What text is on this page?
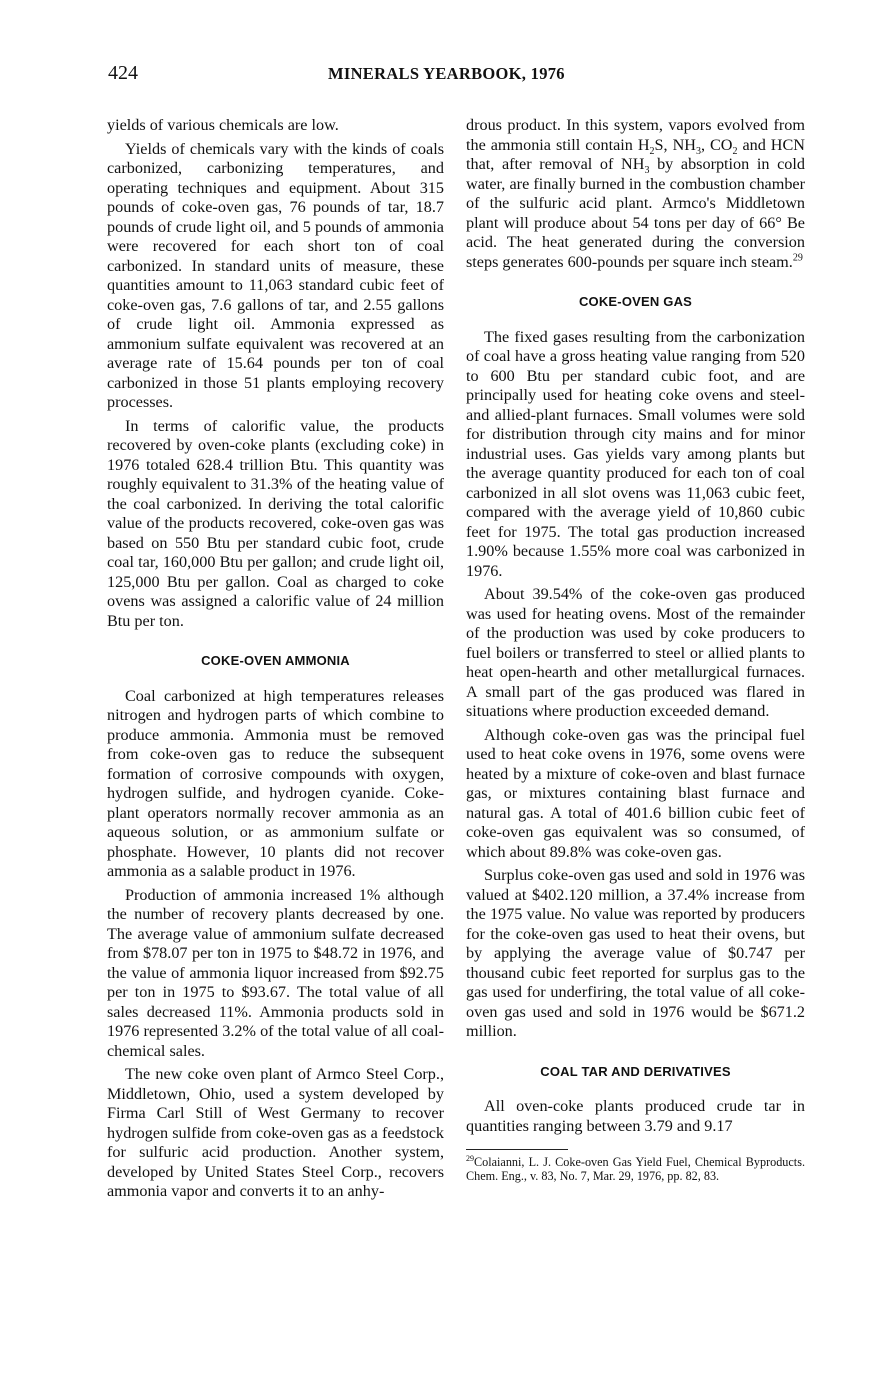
424	MINERALS YEARBOOK, 1976

yields of various chemicals are low.

Yields of chemicals vary with the kinds of coals carbonized, carbonizing temperatures, and operating techniques and equipment. About 315 pounds of coke-oven gas, 76 pounds of tar, 18.7 pounds of crude light oil, and 5 pounds of ammonia were recovered for each short ton of coal carbonized. In standard units of measure, these quantities amount to 11,063 standard cubic feet of coke-oven gas, 7.6 gallons of tar, and 2.55 gallons of crude light oil. Ammonia expressed as ammonium sulfate equivalent was recovered at an average rate of 15.64 pounds per ton of coal carbonized in those 51 plants employing recovery processes.

In terms of calorific value, the products recovered by oven-coke plants (excluding coke) in 1976 totaled 628.4 trillion Btu. This quantity was roughly equivalent to 31.3% of the heating value of the coal carbonized. In deriving the total calorific value of the products recovered, coke-oven gas was based on 550 Btu per standard cubic foot, crude coal tar, 160,000 Btu per gallon; and crude light oil, 125,000 Btu per gallon. Coal as charged to coke ovens was assigned a calorific value of 24 million Btu per ton.

COKE-OVEN AMMONIA

Coal carbonized at high temperatures releases nitrogen and hydrogen parts of which combine to produce ammonia. Ammonia must be removed from coke-oven gas to reduce the subsequent formation of corrosive compounds with oxygen, hydrogen sulfide, and hydrogen cyanide. Coke-plant operators normally recover ammonia as an aqueous solution, or as ammonium sulfate or phosphate. However, 10 plants did not recover ammonia as a salable product in 1976.

Production of ammonia increased 1% although the number of recovery plants decreased by one. The average value of ammonium sulfate decreased from $78.07 per ton in 1975 to $48.72 in 1976, and the value of ammonia liquor increased from $92.75 per ton in 1975 to $93.67. The total value of all sales decreased 11%. Ammonia products sold in 1976 represented 3.2% of the total value of all coal-chemical sales.

The new coke oven plant of Armco Steel Corp., Middletown, Ohio, used a system developed by Firma Carl Still of West Germany to recover hydrogen sulfide from coke-oven gas as a feedstock for sulfuric acid production. Another system, developed by United States Steel Corp., recovers ammonia vapor and converts it to an anhy-

drous product. In this system, vapors evolved from the ammonia still contain $H_2S$, $NH_3$, $CO_2$ and HCN that, after removal of $NH_3$ by absorption in cold water, are finally burned in the combustion chamber of the sulfuric acid plant. Armco's Middletown plant will produce about 54 tons per day of 66° Be acid. The heat generated during the conversion steps generates 600-pounds per square inch steam.$^{29}$

COKE-OVEN GAS

The fixed gases resulting from the carbonization of coal have a gross heating value ranging from 520 to 600 Btu per standard cubic foot, and are principally used for heating coke ovens and steel- and allied-plant furnaces. Small volumes were sold for distribution through city mains and for minor industrial uses. Gas yields vary among plants but the average quantity produced for each ton of coal carbonized in all slot ovens was 11,063 cubic feet, compared with the average yield of 10,860 cubic feet for 1975. The total gas production increased 1.90% because 1.55% more coal was carbonized in 1976.

About 39.54% of the coke-oven gas produced was used for heating ovens. Most of the remainder of the production was used by coke producers to fuel boilers or transferred to steel or allied plants to heat open-hearth and other metallurgical furnaces. A small part of the gas produced was flared in situations where production exceeded demand.

Although coke-oven gas was the principal fuel used to heat coke ovens in 1976, some ovens were heated by a mixture of coke-oven and blast furnace gas, or mixtures containing blast furnace and natural gas. A total of 401.6 billion cubic feet of coke-oven gas equivalent was so consumed, of which about 89.8% was coke-oven gas.

Surplus coke-oven gas used and sold in 1976 was valued at $402.120 million, a 37.4% increase from the 1975 value. No value was reported by producers for the coke-oven gas used to heat their ovens, but by applying the average value of $0.747 per thousand cubic feet reported for surplus gas to the gas used for underfiring, the total value of all coke-oven gas used and sold in 1976 would be $671.2 million.

COAL TAR AND DERIVATIVES

All oven-coke plants produced crude tar in quantities ranging between 3.79 and 9.17

$^{29}$Colaianni, L. J. Coke-oven Gas Yield Fuel, Chemical Byproducts. Chem. Eng., v. 83, No. 7, Mar. 29, 1976, pp. 82, 83.
